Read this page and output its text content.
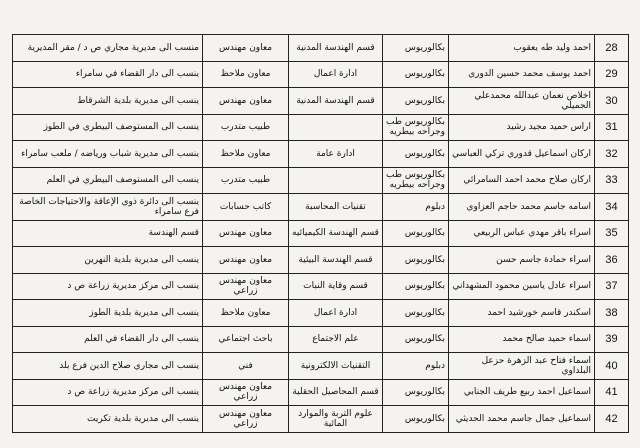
28	احمد وليد طه يعقوب	بكالوريوس	قسم الهندسة المدنية	معاون مهندس	منسب الى مديرية مجاري ص د / مقر المديرية
29	احمد يوسف محمد حسين الدوري	بكالوريوس	ادارة اعمال	معاون ملاحظ	ينسب الى دار القضاء في سامراء
30	اخلاص نعمان عبدالله محمدعلي الجميلي	بكالوريوس	قسم الهندسة المدنية	معاون مهندس	ينسب الى مديرية بلدية الشرقاط
31	اراس حميد مجيد رشيد	بكالوريوس طب وجراحه بيطريه		طبيب متدرب	ينسب الى المستوصف البيطري في الطوز
32	اركان اسماعيل قدوري تركي العباسي	بكالوريوس	ادارة عامة	معاون ملاحظ	ينسب الى مديرية شباب ورياضه / ملعب سامراء
33	اركان صلاح محمد احمد السامرائي	بكالوريوس طب وجراحه بيطريه		طبيب متدرب	ينسب الى المستوصف البيطري في العلم
34	اسامه جاسم محمد حاجم العزاوي	دبلوم	تقنيات المحاسبة	كاتب حسابات	ينسب الى دائرة ذوي الإعاقة والاحتياجات الخاصة فرع سامراء
35	اسراء باقر مهدي عباس الربيعي	بكالوريوس	قسم الهندسة الكيميائيه	معاون مهندس	قسم الهندسة
36	اسراء حمادة جاسم حسن	بكالوريوس	قسم الهندسة البيئية	معاون مهندس	ينسب الى مديرية بلدية النهرين
37	اسراء عادل ياسين محمود المشهداني	بكالوريوس	قسم وقاية النبات	معاون مهندس زراعي	ينسب الى مركز مديرية زراعة ص د
38	اسكندر قاسم خورشيد احمد	بكالوريوس	ادارة اعمال	معاون ملاحظ	ينسب الى مديرية بلدية الطوز
39	اسماء حميد صالح محمد	بكالوريوس	علم الاجتماع	باحث اجتماعي	ينسب الى دار القضاء في العلم
40	اسماء فتاح عبد الزهرة حزعل البلداوي	دبلوم	التقنيات الالكترونية	فني	ينسب الى مجاري صلاح الدين فرع بلد
41	اسماعيل احمد ربيع طريف الجنابي	بكالوريوس	قسم المحاصيل الحقلية	معاون مهندس زراعي	ينسب الى مركز مديرية زراعة ص د
42	اسماعيل جمال جاسم محمد الحديثي	بكالوريوس	علوم التربة والموارد المائية	معاون مهندس زراعي	ينسب الى مديرية بلدية تكريت
